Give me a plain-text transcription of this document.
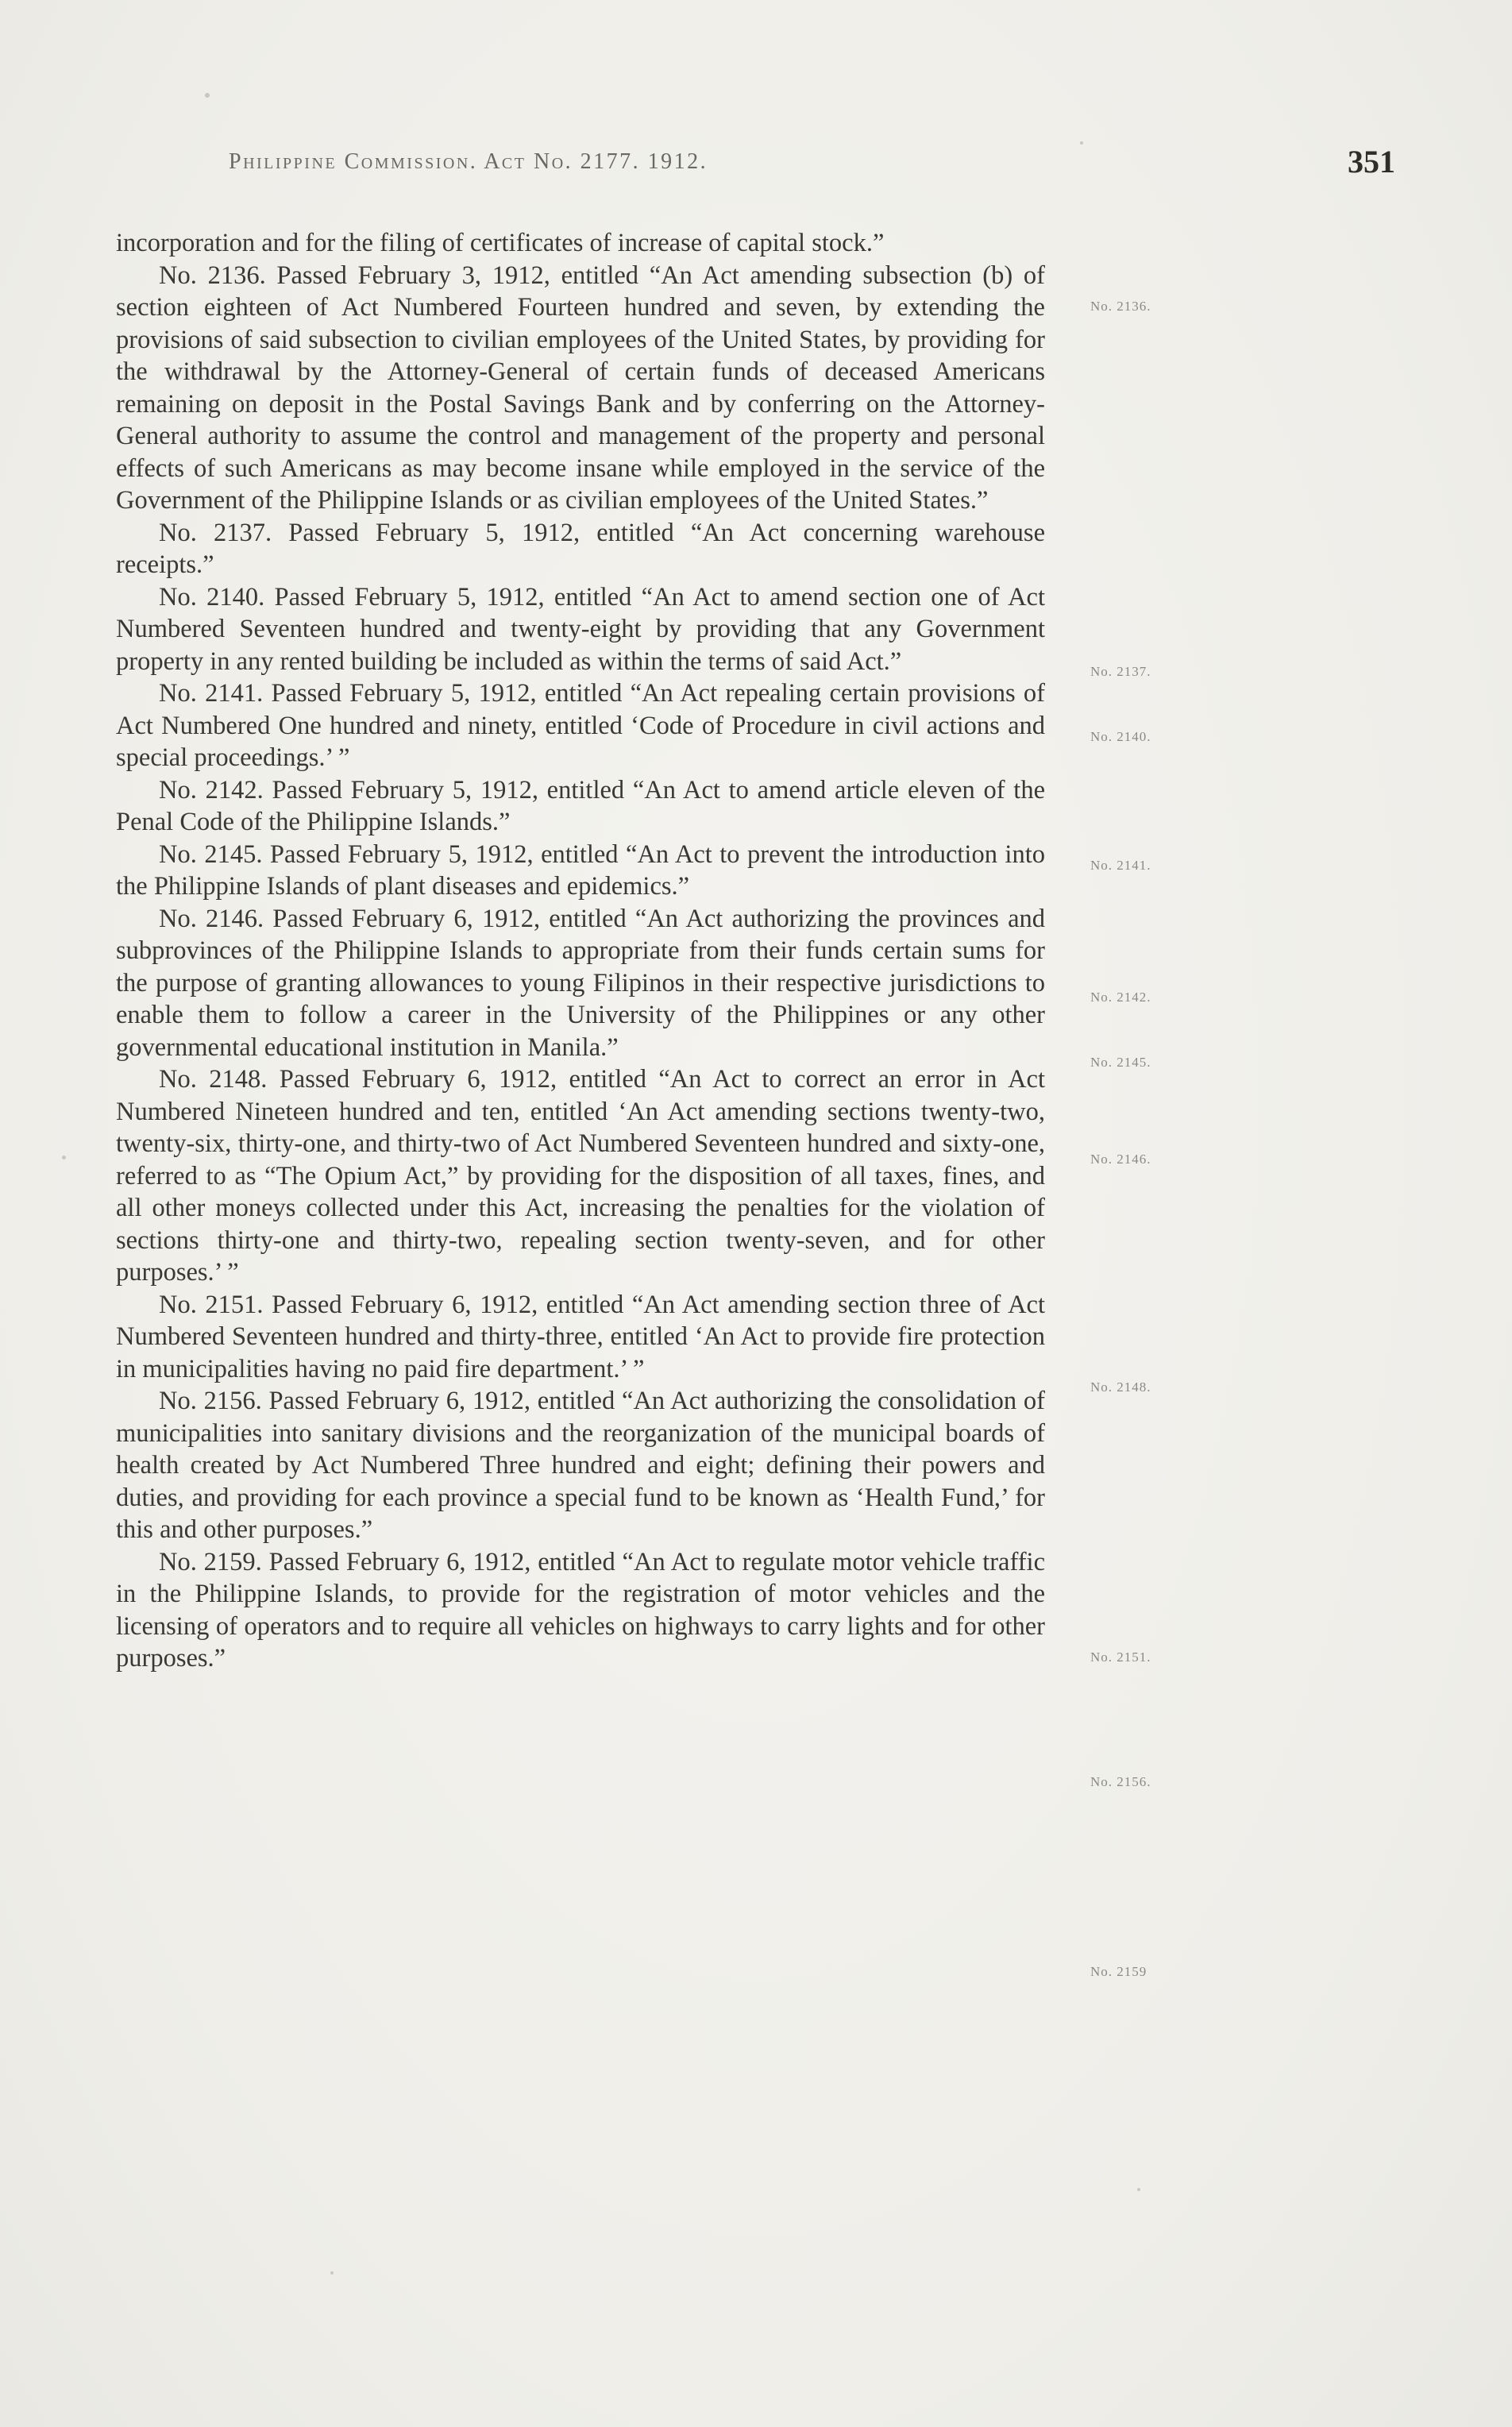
Philippine Commission. Act No. 2177. 1912.	351

incorporation and for the filing of certificates of increase of capital stock.”

No. 2136. Passed February 3, 1912, entitled “An Act amending subsection (b) of section eighteen of Act Numbered Fourteen hundred and seven, by extending the provisions of said subsection to civilian employees of the United States, by providing for the withdrawal by the Attorney-General of certain funds of deceased Americans remaining on deposit in the Postal Savings Bank and by conferring on the Attorney-General authority to assume the control and management of the property and personal effects of such Americans as may become insane while employed in the service of the Government of the Philippine Islands or as civilian employees of the United States.”

No. 2137. Passed February 5, 1912, entitled “An Act concerning warehouse receipts.”

No. 2140. Passed February 5, 1912, entitled “An Act to amend section one of Act Numbered Seventeen hundred and twenty-eight by providing that any Government property in any rented building be included as within the terms of said Act.”

No. 2141. Passed February 5, 1912, entitled “An Act repealing certain provisions of Act Numbered One hundred and ninety, entitled ‘Code of Procedure in civil actions and special proceedings.’ ”

No. 2142. Passed February 5, 1912, entitled “An Act to amend article eleven of the Penal Code of the Philippine Islands.”

No. 2145. Passed February 5, 1912, entitled “An Act to prevent the introduction into the Philippine Islands of plant diseases and epidemics.”

No. 2146. Passed February 6, 1912, entitled “An Act authorizing the provinces and subprovinces of the Philippine Islands to appropriate from their funds certain sums for the purpose of granting allowances to young Filipinos in their respective jurisdictions to enable them to follow a career in the University of the Philippines or any other governmental educational institution in Manila.”

No. 2148. Passed February 6, 1912, entitled “An Act to correct an error in Act Numbered Nineteen hundred and ten, entitled ‘An Act amending sections twenty-two, twenty-six, thirty-one, and thirty-two of Act Numbered Seventeen hundred and sixty-one, referred to as “The Opium Act,” by providing for the disposition of all taxes, fines, and all other moneys collected under this Act, increasing the penalties for the violation of sections thirty-one and thirty-two, repealing section twenty-seven, and for other purposes.’ ”

No. 2151. Passed February 6, 1912, entitled “An Act amending section three of Act Numbered Seventeen hundred and thirty-three, entitled ‘An Act to provide fire protection in municipalities having no paid fire department.’ ”

No. 2156. Passed February 6, 1912, entitled “An Act authorizing the consolidation of municipalities into sanitary divisions and the reorganization of the municipal boards of health created by Act Numbered Three hundred and eight; defining their powers and duties, and providing for each province a special fund to be known as ‘Health Fund,’ for this and other purposes.”

No. 2159. Passed February 6, 1912, entitled “An Act to regulate motor vehicle traffic in the Philippine Islands, to provide for the registration of motor vehicles and the licensing of operators and to require all vehicles on highways to carry lights and for other purposes.”

No. 2136.
No. 2137.
No. 2140.
No. 2141.
No. 2142.
No. 2145.
No. 2146.
No. 2148.
No. 2151.
No. 2156.
No. 2159
